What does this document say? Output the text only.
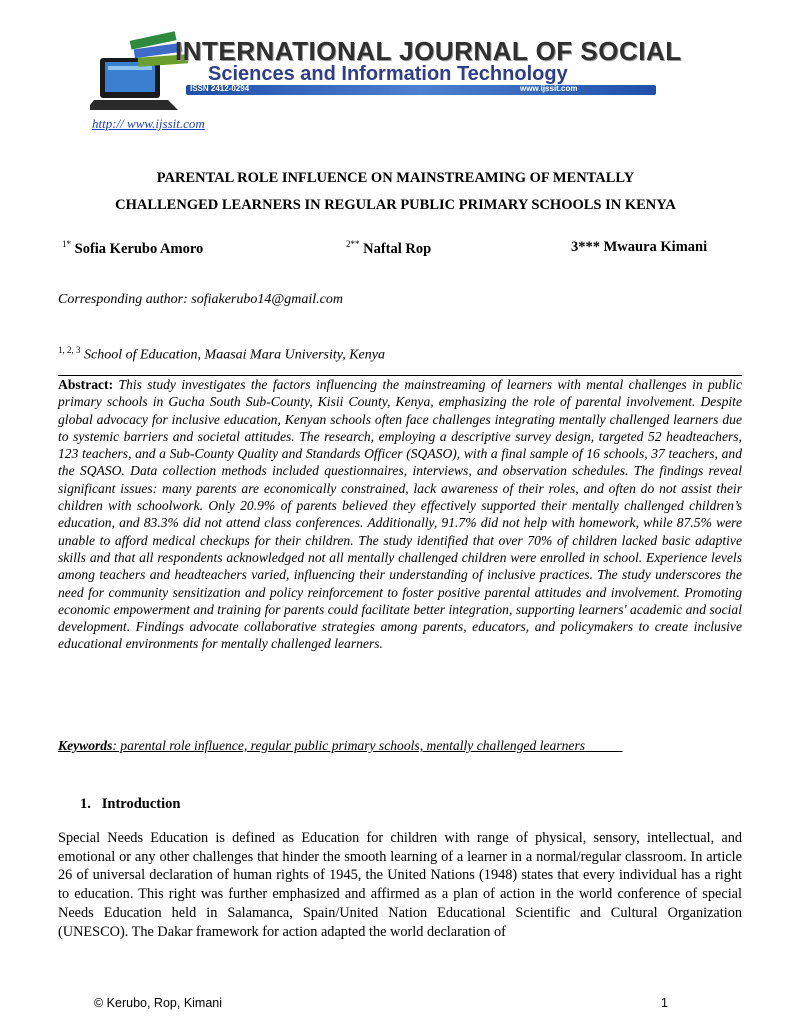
INTERNATIONAL JOURNAL OF SOCIAL
Sciences and Information Technology
ISSN 2412-0294	www.ijssit.com
http:// www.ijssit.com
PARENTAL ROLE INFLUENCE ON MAINSTREAMING OF MENTALLY
CHALLENGED LEARNERS IN REGULAR PUBLIC PRIMARY SCHOOLS IN KENYA
$^{1*}$ Sofia Kerubo Amoro	$^{2**}$ Naftal Rop	3*** Mwaura Kimani
Corresponding author: sofiakerubo14@gmail.com
$^{1, 2, 3}$ School of Education, Maasai Mara University, Kenya
Abstract: This study investigates the factors influencing the mainstreaming of learners with mental challenges in public primary schools in Gucha South Sub-County, Kisii County, Kenya, emphasizing the role of parental involvement. Despite global advocacy for inclusive education, Kenyan schools often face challenges integrating mentally challenged learners due to systemic barriers and societal attitudes. The research, employing a descriptive survey design, targeted 52 headteachers, 123 teachers, and a Sub-County Quality and Standards Officer (SQASO), with a final sample of 16 schools, 37 teachers, and the SQASO. Data collection methods included questionnaires, interviews, and observation schedules. The findings reveal significant issues: many parents are economically constrained, lack awareness of their roles, and often do not assist their children with schoolwork. Only 20.9% of parents believed they effectively supported their mentally challenged children’s education, and 83.3% did not attend class conferences. Additionally, 91.7% did not help with homework, while 87.5% were unable to afford medical checkups for their children. The study identified that over 70% of children lacked basic adaptive skills and that all respondents acknowledged not all mentally challenged children were enrolled in school. Experience levels among teachers and headteachers varied, influencing their understanding of inclusive practices. The study underscores the need for community sensitization and policy reinforcement to foster positive parental attitudes and involvement. Promoting economic empowerment and training for parents could facilitate better integration, supporting learners' academic and social development. Findings advocate collaborative strategies among parents, educators, and policymakers to create inclusive educational environments for mentally challenged learners.
Keywords: parental role influence, regular public primary schools, mentally challenged learners
1. Introduction
Special Needs Education is defined as Education for children with range of physical, sensory, intellectual, and emotional or any other challenges that hinder the smooth learning of a learner in a normal/regular classroom. In article 26 of universal declaration of human rights of 1945, the United Nations (1948) states that every individual has a right to education. This right was further emphasized and affirmed as a plan of action in the world conference of special Needs Education held in Salamanca, Spain/United Nation Educational Scientific and Cultural Organization (UNESCO). The Dakar framework for action adapted the world declaration of
© Kerubo, Rop, Kimani	1
